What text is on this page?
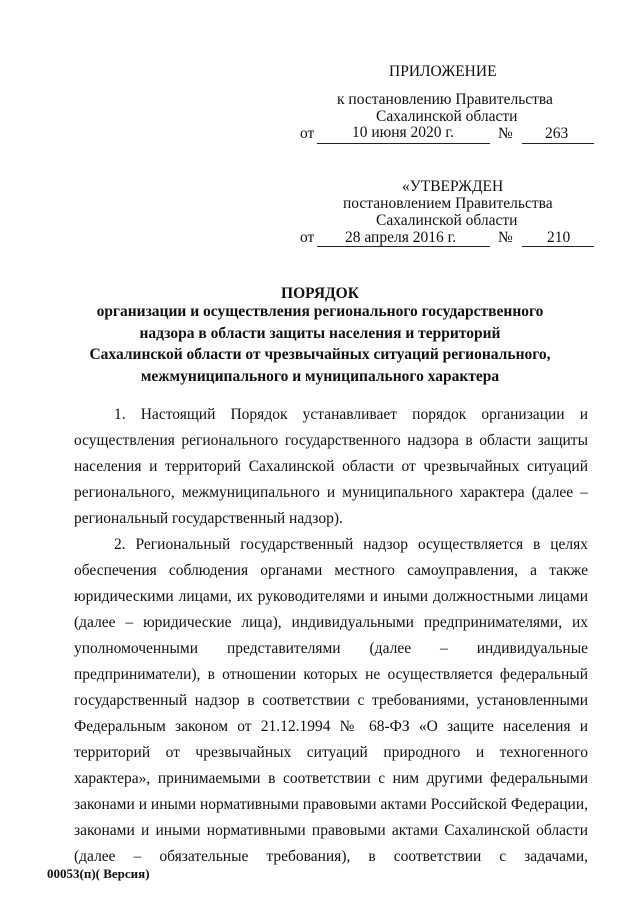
ПРИЛОЖЕНИЕ
к постановлению Правительства
Сахалинской области
от 10 июня 2020 г.	№ 263
«УТВЕРЖДЕН
постановлением Правительства
Сахалинской области
от 28 апреля 2016 г.	№ 210
ПОРЯДОК
организации и осуществления регионального государственного
надзора в области защиты населения и территорий
Сахалинской области от чрезвычайных ситуаций регионального,
межмуниципального и муниципального характера
1. Настоящий Порядок устанавливает порядок организации и
осуществления регионального государственного надзора в области защиты
населения и территорий Сахалинской области от чрезвычайных ситуаций
регионального, межмуниципального и муниципального характера (далее –
региональный государственный надзор).
2. Региональный государственный надзор осуществляется в целях
обеспечения соблюдения органами местного самоуправления, а также
юридическими лицами, их руководителями и иными должностными лицами
(далее – юридические лица), индивидуальными предпринимателями, их
уполномоченными представителями (далее – индивидуальные
предприниматели), в отношении которых не осуществляется федеральный
государственный надзор в соответствии с требованиями, установленными
Федеральным законом от 21.12.1994 № 68-ФЗ «О защите населения и
территорий от чрезвычайных ситуаций природного и техногенного
характера», принимаемыми в соответствии с ним другими федеральными
законами и иными нормативными правовыми актами Российской Федерации,
законами и иными нормативными правовыми актами Сахалинской области
(далее – обязательные требования), в соответствии с задачами,
00053(п)( Версия)
